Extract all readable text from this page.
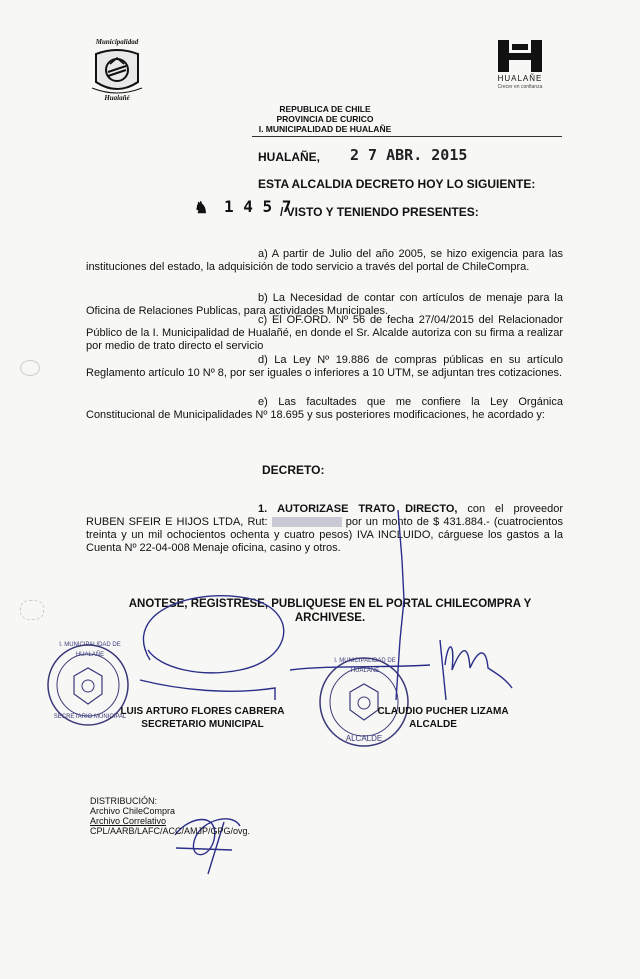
Municipalidad
Hualañé
HUALAÑE
Crecer en confianza
REPUBLICA DE CHILE
PROVINCIA DE CURICO
I. MUNICIPALIDAD DE HUALAÑE
HUALAÑE, 2 7 ABR. 2015
ESTA ALCALDIA DECRETO HOY LO SIGUIENTE:
♞ 1 4 5 7
/ VISTO Y TENIENDO PRESENTES:
a) A partir de Julio del año 2005, se hizo exigencia para las instituciones del estado, la adquisición de todo servicio a través del portal de ChileCompra.
b) La Necesidad de contar con artículos de menaje para la Oficina de Relaciones Publicas, para actividades Municipales.
c) El OF.ORD. Nº 56 de fecha 27/04/2015 del Relacionador Público de la I. Municipalidad de Hualañé, en donde el Sr. Alcalde autoriza con su firma a realizar por medio de trato directo el servicio
d) La Ley Nº 19.886 de compras públicas en su artículo Reglamento artículo 10 Nº 8, por ser iguales o inferiores a 10 UTM, se adjuntan tres cotizaciones.
e) Las facultades que me confiere la Ley Orgánica Constitucional de Municipalidades Nº 18.695 y sus posteriores modificaciones, he acordado y:
DECRETO:
1. AUTORIZASE TRATO DIRECTO, con el proveedor RUBEN SFEIR E HIJOS LTDA, Rut:	por un monto de $ 431.884.- (cuatrocientos treinta y un mil ochocientos ochenta y cuatro pesos) IVA INCLUIDO, cárguese los gastos a la Cuenta Nº 22-04-008 Menaje oficina, casino y otros.
ANOTESE, REGISTRESE, PUBLIQUESE EN EL PORTAL CHILECOMPRA Y
ARCHIVESE.
I. MUNICIPALIDAD DE HUALAÑE
SECRETARIO MUNICIPAL
I. MUNICIPALIDAD DE HUALAÑE
ALCALDE
LUIS ARTURO FLORES CABRERA
SECRETARIO MUNICIPAL
CLAUDIO PUCHER LIZAMA
ALCALDE
DISTRIBUCIÓN:
Archivo ChileCompra
Archivo Correlativo
CPL/AARB/LAFC/ACC/AMJP/GPG/ovg.
